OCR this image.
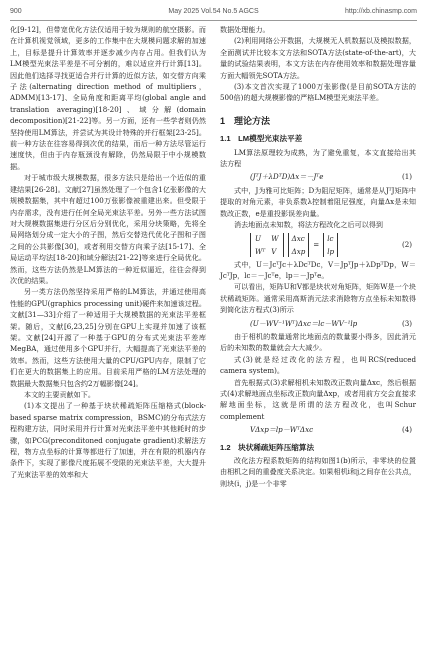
900	May 2025 Vol.54 No.5 AGCS	http://xb.chinasmp.com

化[9-12]，但带宽优化方法仅适用于较为规则的航空摄影。而在计算机视觉领域，更多的工作集中在大规模问题求解的加速上，目标是提升计算效率并逐步减少内存占用。但我们认为LM模型光束法平差是不可分割的，难以适应并行计算[13]。因此他们选择寻找更适合并行计算的近似方法，如交替方向乘子法(alternating direction method of multipliers，ADMM)[13-17]、全局角度和距离平均(global angle and translation averaging)[18-20]、域分解(domain decomposition)[21-22]等。另一方面，还有一些学者则仍然坚持使用LM算法，并尝试为其设计特殊的并行框架[23-25]。前一种方法在往容易得到次优的结果，而后一种方法尽管运行速度快，但由于内存瓶颈没有解除，仍然局限于中小规模数据。

对于城市级大规模数据，很多方法只是给出一个近似的重建结果[26-28]。文献[27]虽然处理了一个包含1亿张影像的大规模数据集，其中有超过100万张影像被重建出来。但受限于内存需求，没有进行任何全局光束法平差。另外一些方法试图对大规模数据集进行分区后分别优化，采用分块策略，先将全局网络划分成一定大小的子图，然后交替迭代优化子图和子图之间的公共影像[30]，或者利用交替方向乘子法[15-17]、全局运动平均法[18-20]和域分解法[21-22]等来进行全局优化。然而，这些方法仍然是LM算法的一种近似逼近，往往会得到次优的结果。

另一类方法仍然坚持采用严格的LM算法，并通过使用高性能的GPU(graphics processing unit)硬件来加速该过程。文献[31—33]介绍了一种适用于大规模数据的光束法平差框架。随后，文献[6,23,25]分别在GPU上实现并加速了该框架。文献[24]开源了一种基于GPU的分布式光束法平差库MegBA，通过使用多个GPU并行，大幅提高了光束法平差的效率。然而，这些方法使用大量的CPU/GPU内存，限制了它们在更大的数据集上的应用。目前采用严格的LM方法处理的数据最大数据集只包含约2万幅影像[24]。

本文的主要贡献如下。

(1)本文提出了一种基于块状稀疏矩阵压缩格式(block-based sparse matrix compression，BSMC)的分布式法方程构建方法，同时采用并行计算对光束法平差中其他耗时的步骤，如PCG(preconditoned conjugate gradient)求解法方程，物方点坐标的计算等都进行了加速，并在有限的机器内存条件下，实现了影像尺度拓展不受限的光束法平差，大大提升了光束法平差的效率和大

数据处理能力。

(2)利用网络公开数据，大规模无人机数据以及模拟数据，全面测试并比较本文方法和SOTA方法(state-of-the-art)，大量的试验结果表明，本文方法在内存使用效率和数据处理容量方面大幅领先SOTA方法。

(3)本文首次实现了1000万张影像(是目前SOTA方法的500倍)的超大规模影像的严格LM模型光束法平差。

1　理论方法
1.1　LM模型光束法平差

LM算法原理较为成熟，为了避免重复，本文直接给出其法方程

(JᵀJ＋λDᵀD)Δx＝－Jᵀe	(1)

式中，J为雅可比矩阵；D为阻尼矩阵，通常是从JᵀJ矩阵中提取的对角元素，非负系数λ控制着阻尼强度，向量Δx是未知数改正数，e是重投影误差向量。

消去地面点未知数，将法方程改化之后可以得到

U	W
Wᵀ V
Δxc
Δxp
=
lc
lp
(2)

式中，U＝JcᵀJc＋λDcᵀDc，V＝JpᵀJp＋λDpᵀDp，W＝JcᵀJp，lc＝－Jcᵀe，lp＝－Jpᵀe。

可以看出，矩阵U和V都是块状对角矩阵，矩阵W是一个块状稀疏矩阵。通常采用高斯消元法求消除物方点坐标未知数得到简化法方程式(3)所示

(U－WV⁻¹Wᵀ)Δxc＝lc－WV⁻¹lp	(3)

由于相机的数量通常比地面点的数量要小得多，因此消元后的未知数的数量就会大大减少。

式(3)就是经过改化的法方程，也叫RCS(reduced camera system)。

首先根据式(3)求解相机未知数改正数向量Δxc，然后根据式(4)求解地面点坐标改正数向量Δxp，或者用前方交会直接求解地面坐标，这就是所谓的法方程改化，也叫Schur complement

VΔxp＝lp－WᵀΔxc	(4)
1.2　块状稀疏矩阵压缩算法

改化法方程系数矩阵的结构如图1(b)所示，非零块的位置由相机之间的重叠度关系决定。如果相机i和j之间存在公共点，则块(i，j)是一个非零
